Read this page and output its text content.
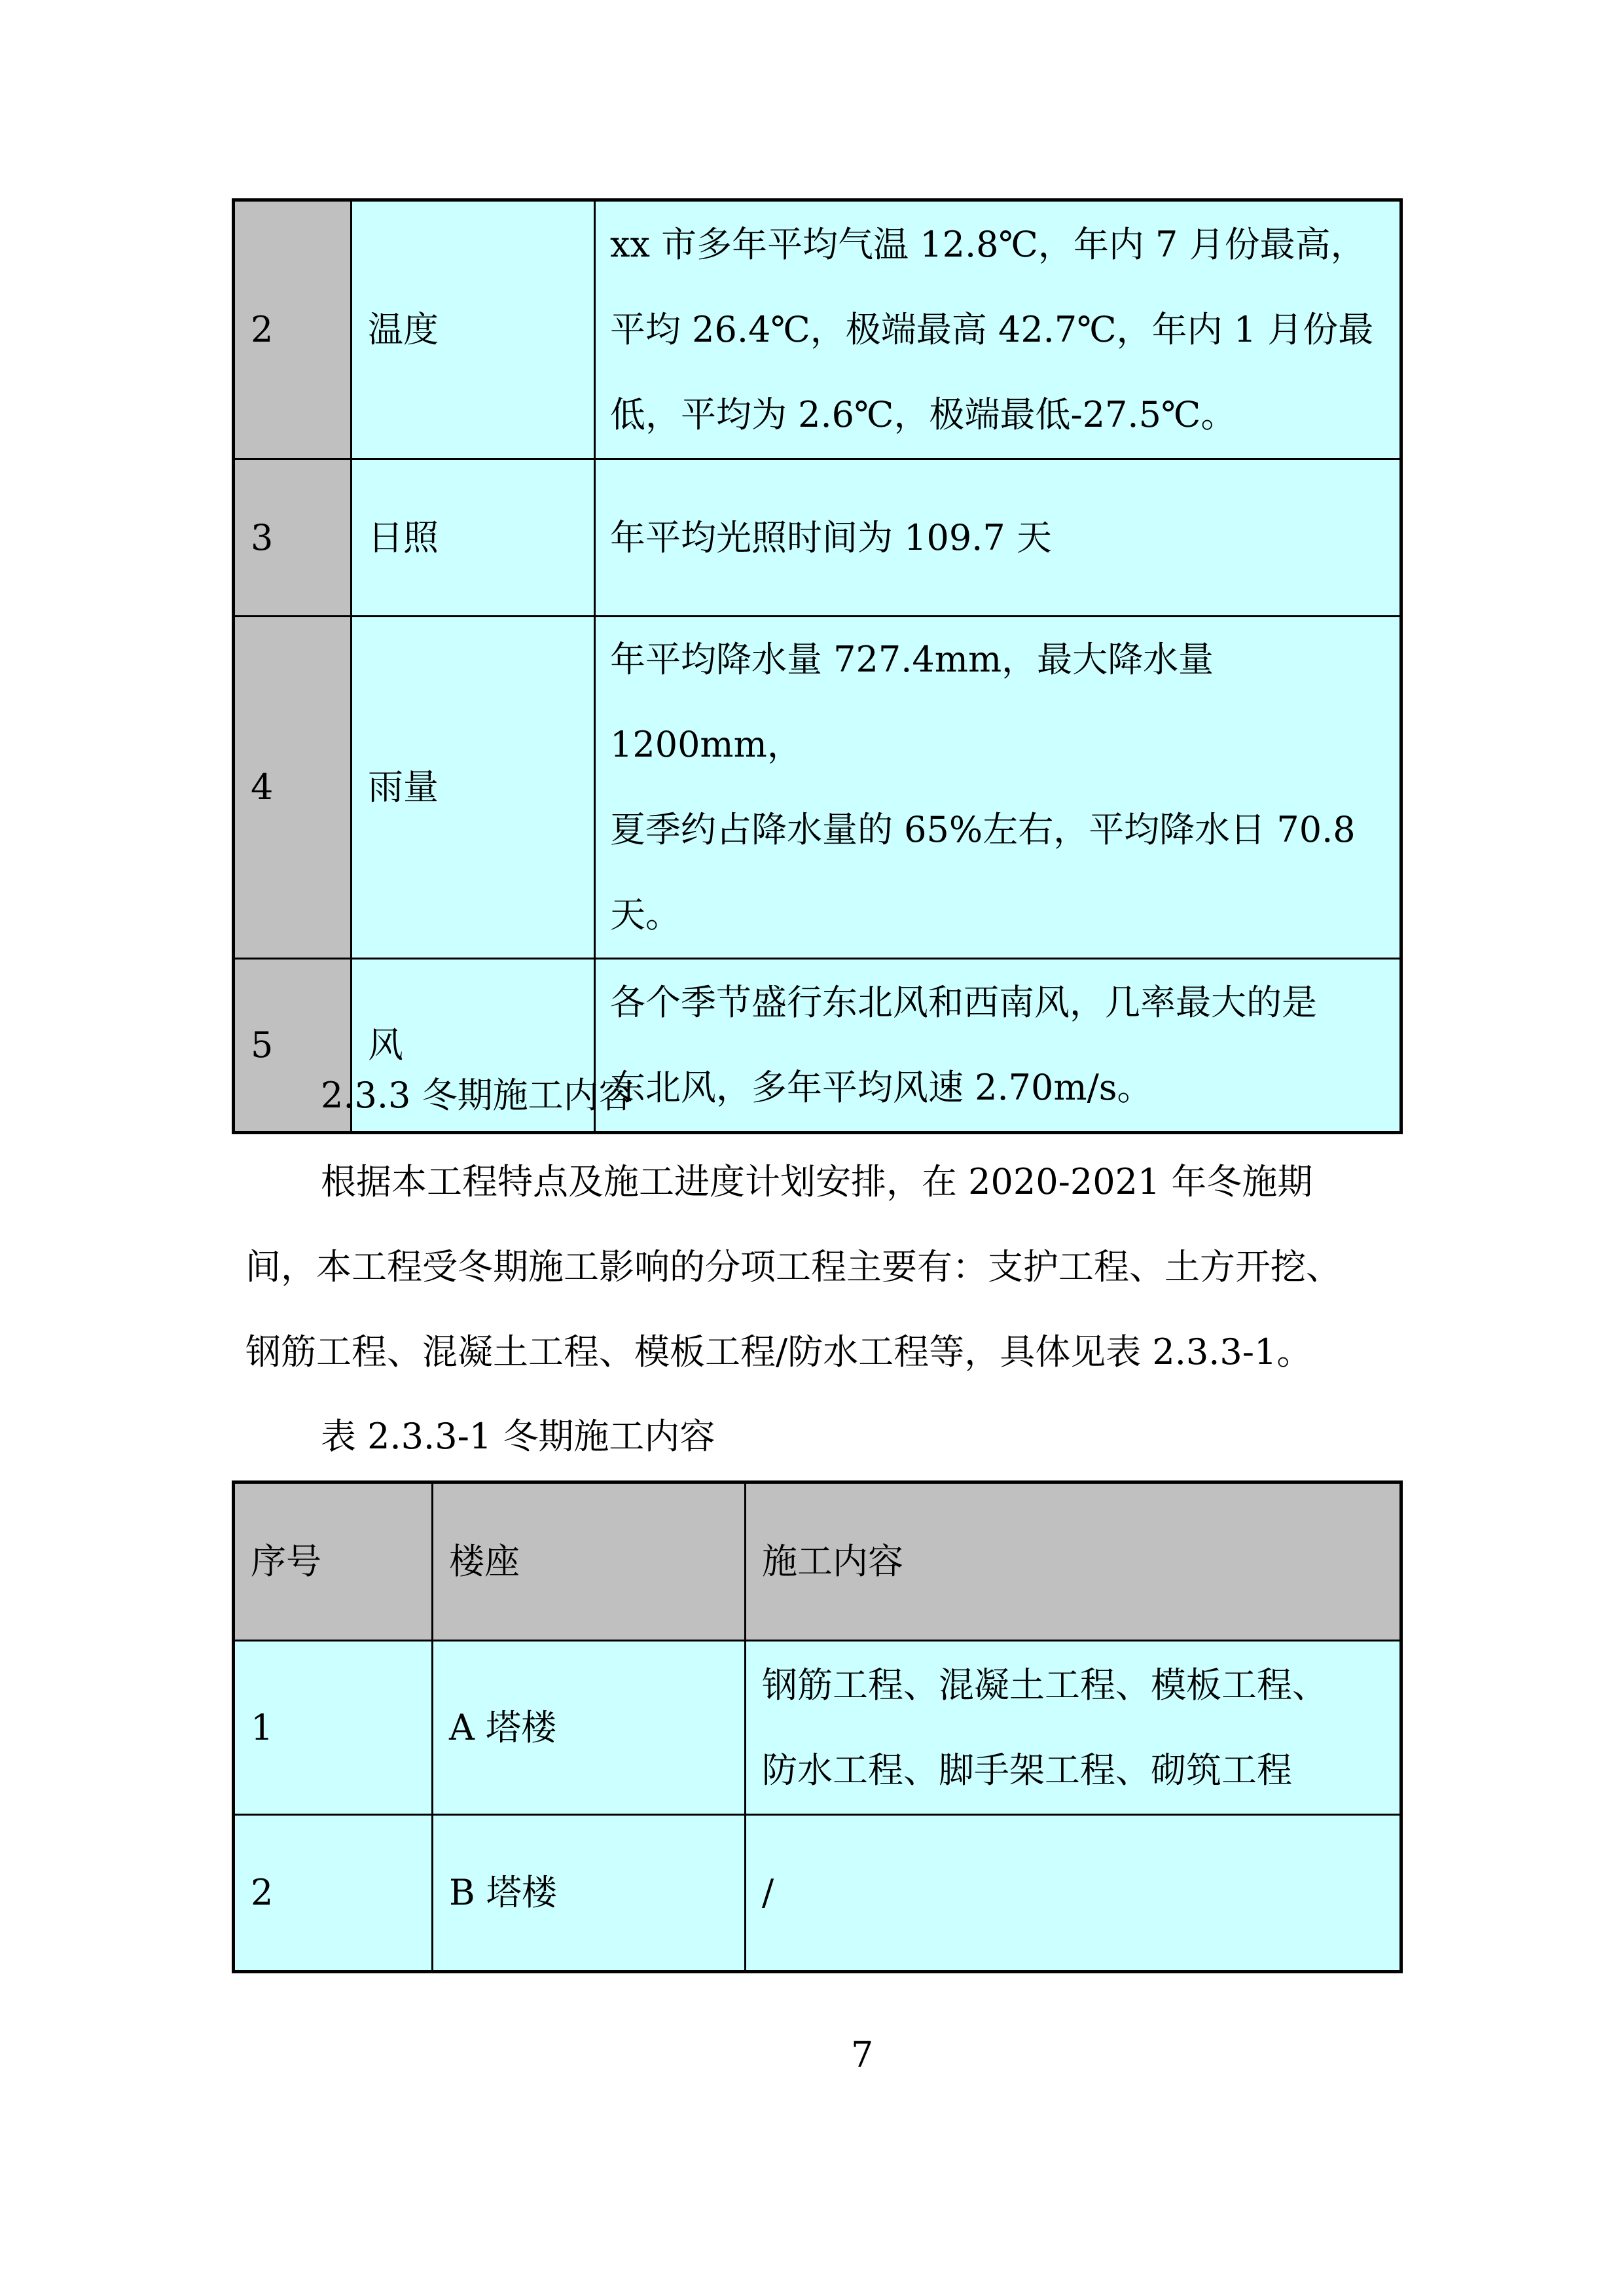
2	温度	xx 市多年平均气温 12.8℃，年内 7 月份最高，
平均 26.4℃，极端最高 42.7℃，年内 1 月份最
低，平均为 2.6℃，极端最低-27.5℃。

3	日照	年平均光照时间为 109.7 天

4	雨量	年平均降水量 727.4mm，最大降水量 1200mm，
夏季约占降水量的 65%左右，平均降水日 70.8
天。

5	风	各个季节盛行东北风和西南风，几率最大的是
东北风，多年平均风速 2.70m/s。
2.3.3 冬期施工内容
根据本工程特点及施工进度计划安排，在 2020-2021 年冬施期
间，本工程受冬期施工影响的分项工程主要有：支护工程、土方开挖、
钢筋工程、混凝土工程、模板工程/防水工程等，具体见表 2.3.3-1。
表 2.3.3-1 冬期施工内容
序号	楼座	施工内容
1	A 塔楼	钢筋工程、混凝土工程、模板工程、
防水工程、脚手架工程、砌筑工程

2	B 塔楼	/
7
